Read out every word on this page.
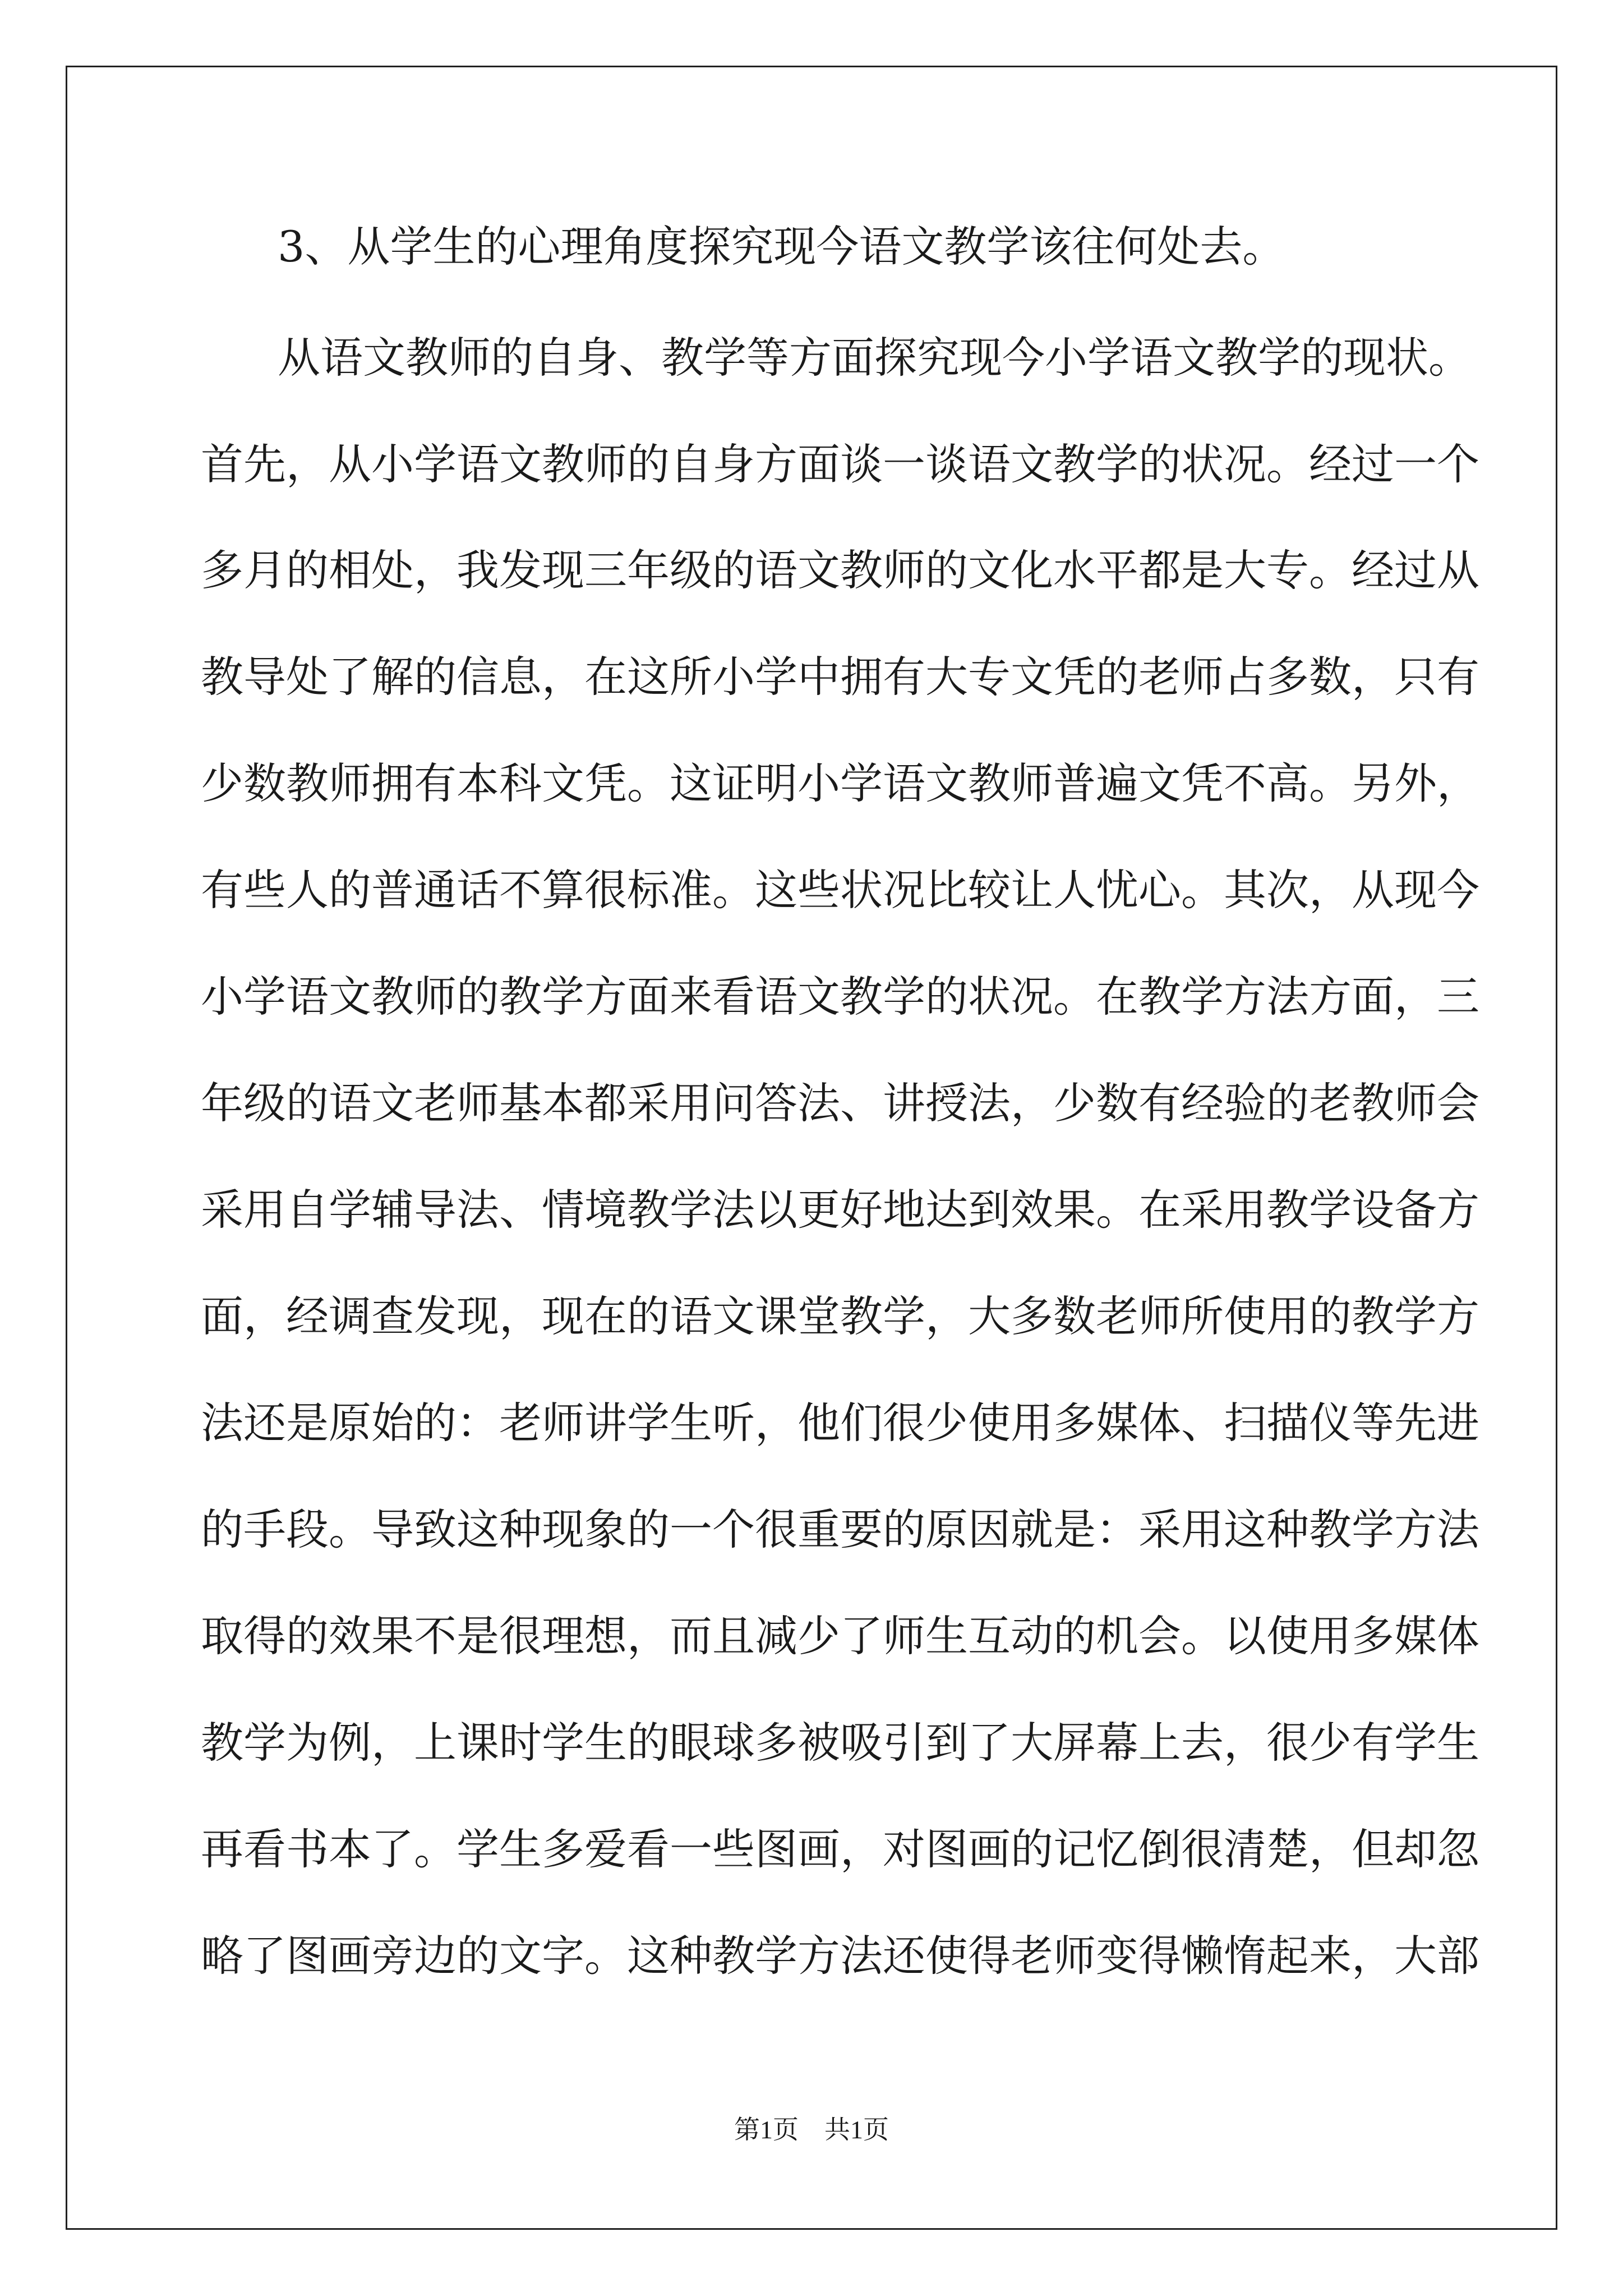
3、从学生的心理角度探究现今语文教学该往何处去。

从语文教师的自身、教学等方面探究现今小学语文教学的现状。

首先，从小学语文教师的自身方面谈一谈语文教学的状况。经过一个

多月的相处，我发现三年级的语文教师的文化水平都是大专。经过从

教导处了解的信息，在这所小学中拥有大专文凭的老师占多数，只有

少数教师拥有本科文凭。这证明小学语文教师普遍文凭不高。另外，

有些人的普通话不算很标准。这些状况比较让人忧心。其次，从现今

小学语文教师的教学方面来看语文教学的状况。在教学方法方面，三

年级的语文老师基本都采用问答法、讲授法，少数有经验的老教师会

采用自学辅导法、情境教学法以更好地达到效果。在采用教学设备方

面，经调查发现，现在的语文课堂教学，大多数老师所使用的教学方

法还是原始的：老师讲学生听，他们很少使用多媒体、扫描仪等先进

的手段。导致这种现象的一个很重要的原因就是：采用这种教学方法

取得的效果不是很理想，而且减少了师生互动的机会。以使用多媒体

教学为例，上课时学生的眼球多被吸引到了大屏幕上去，很少有学生

再看书本了。学生多爱看一些图画，对图画的记忆倒很清楚，但却忽

略了图画旁边的文字。这种教学方法还使得老师变得懒惰起来，大部

第1页　共1页
